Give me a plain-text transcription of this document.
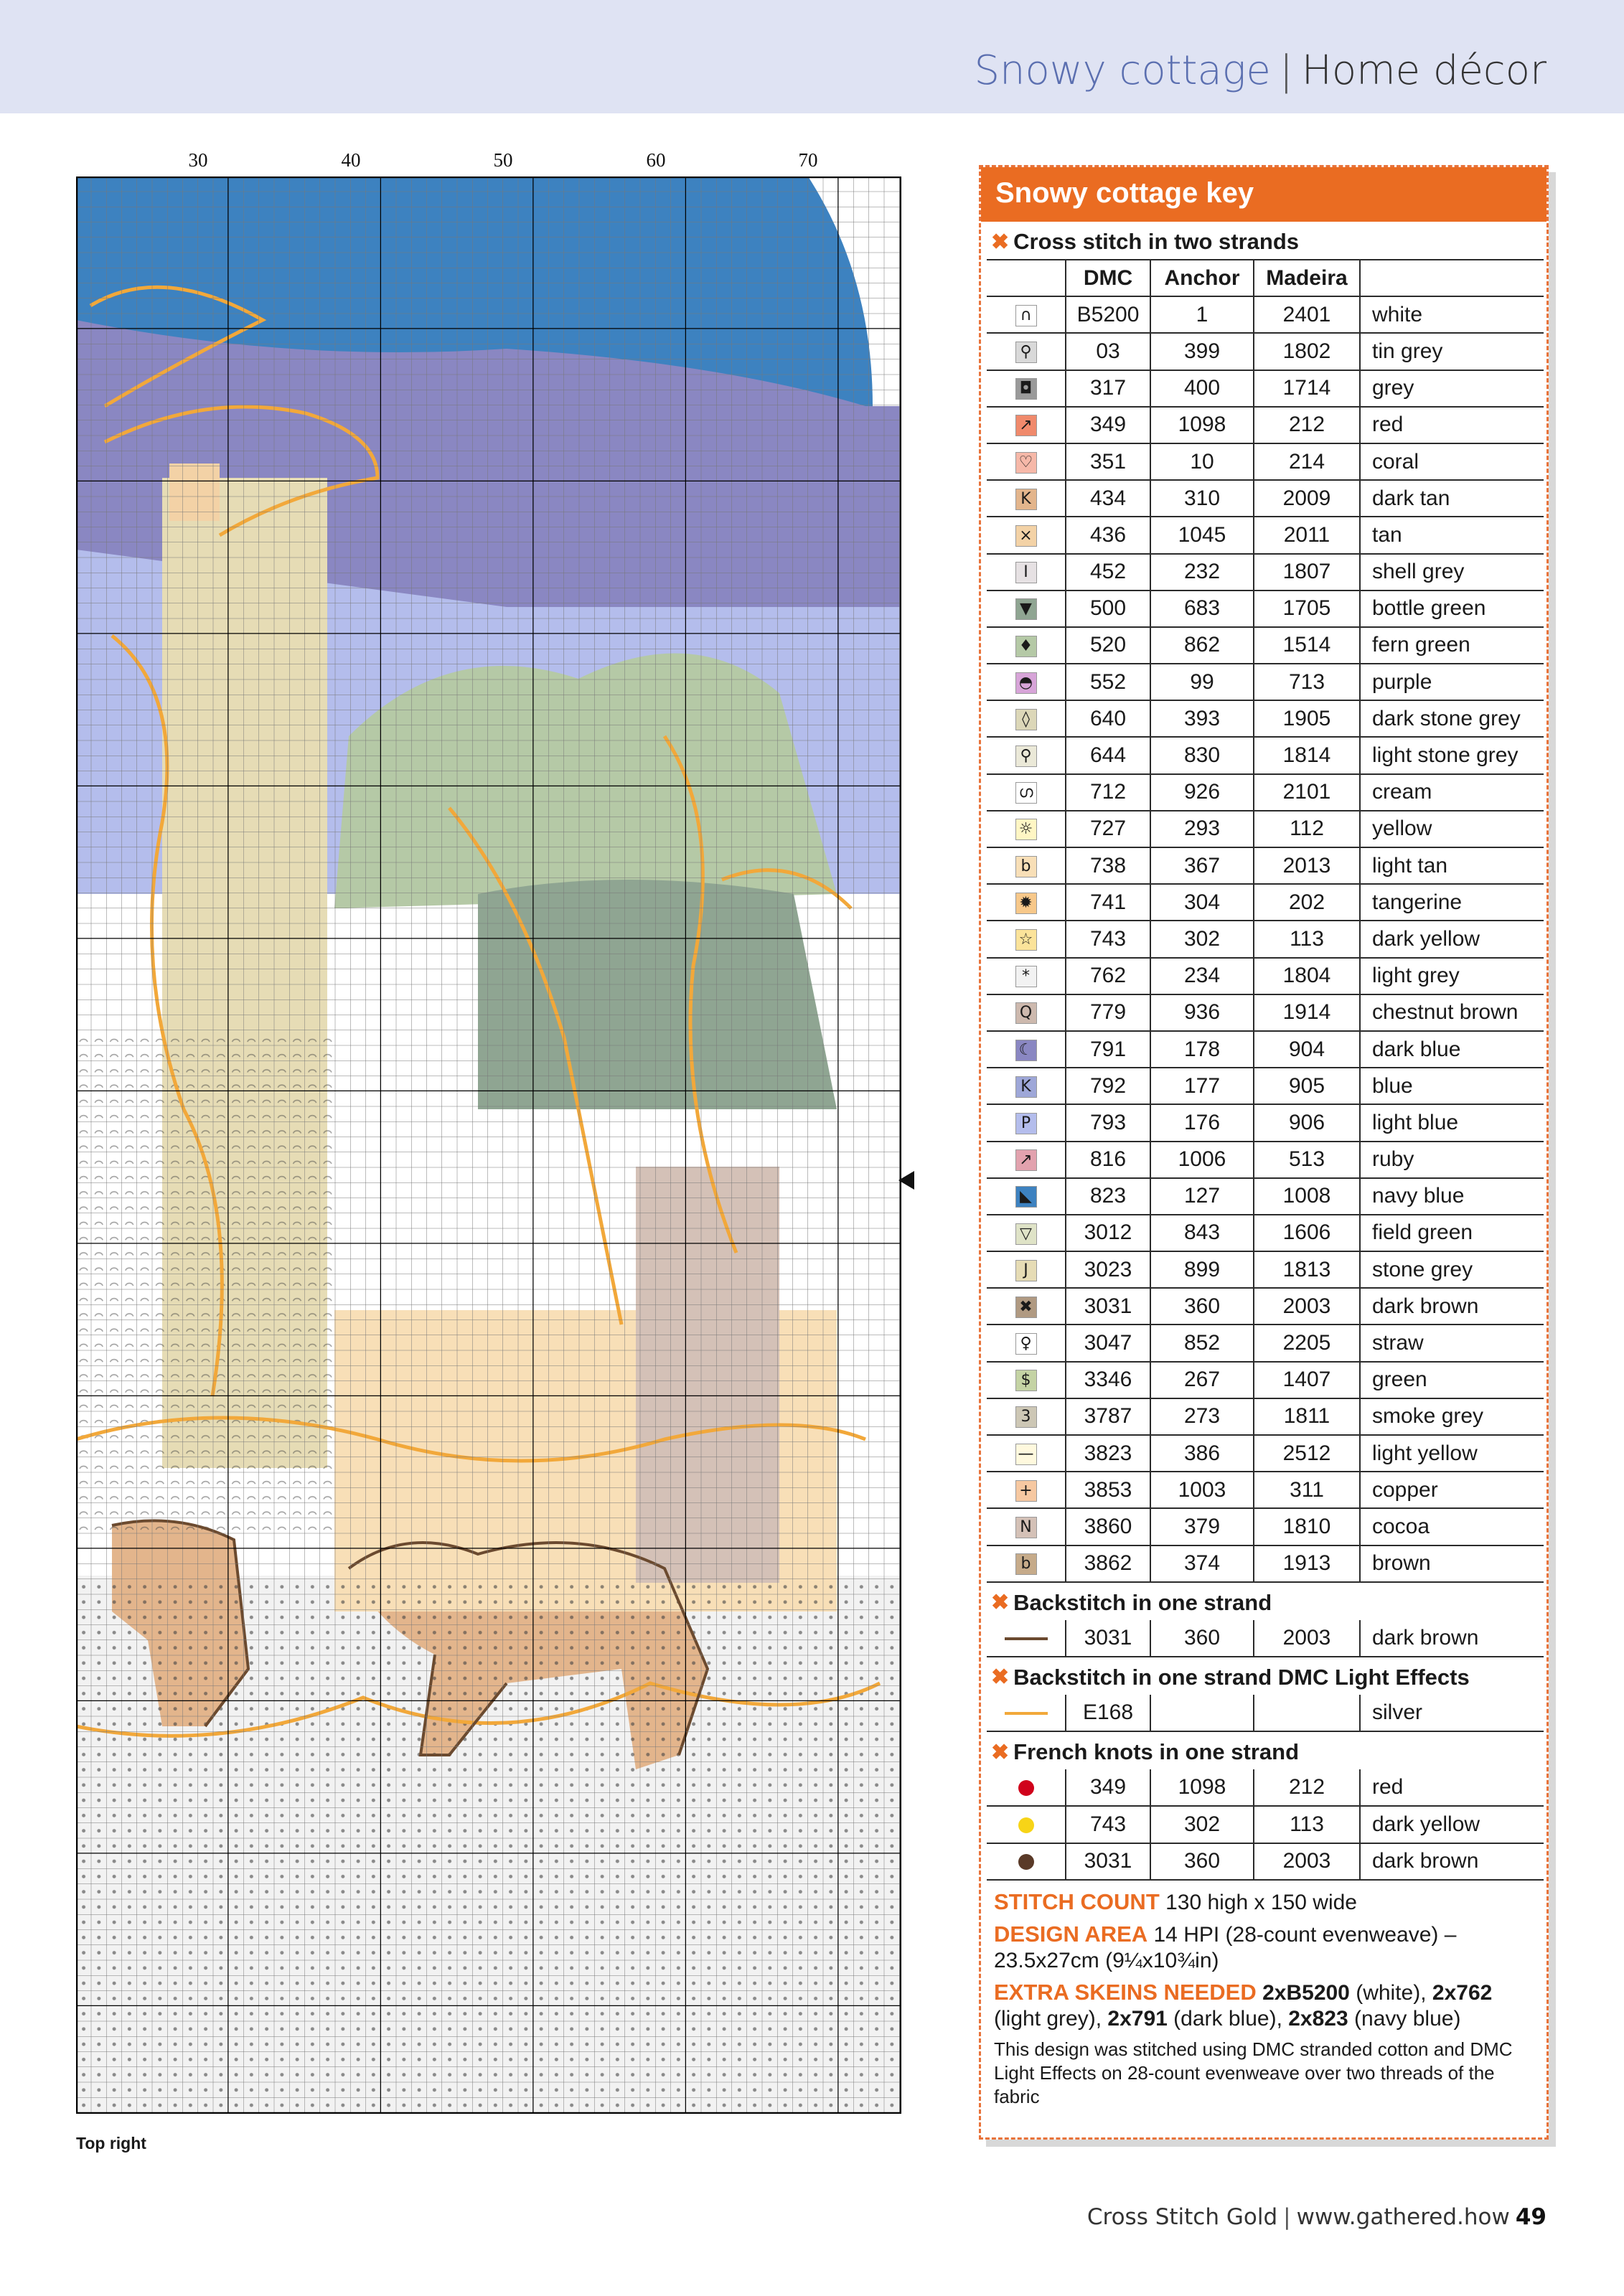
Snowy cottage | Home décor
30	40	50	60	70
Top right
Snowy cottage key
✖ Cross stitch in two strands
	DMC	Anchor	Madeira	
∩	B5200	1	2401	white
⚲	03	399	1802	tin grey
◘	317	400	1714	grey
↗	349	1098	212	red
♡	351	10	214	coral
K	434	310	2009	dark tan
×	436	1045	2011	tan
I	452	232	1807	shell grey
▼	500	683	1705	bottle green
♦	520	862	1514	fern green
◓	552	99	713	purple
◊	640	393	1905	dark stone grey
⚲	644	830	1814	light stone grey
ഗ	712	926	2101	cream
☼	727	293	112	yellow
b	738	367	2013	light tan
✹	741	304	202	tangerine
☆	743	302	113	dark yellow
*	762	234	1804	light grey
Q	779	936	1914	chestnut brown
☾	791	178	904	dark blue
K	792	177	905	blue
P	793	176	906	light blue
↗	816	1006	513	ruby
◣	823	127	1008	navy blue
▽	3012	843	1606	field green
J	3023	899	1813	stone grey
✖	3031	360	2003	dark brown
♀	3047	852	2205	straw
$	3346	267	1407	green
3	3787	273	1811	smoke grey
—	3823	386	2512	light yellow
+	3853	1003	311	copper
N	3860	379	1810	cocoa
b	3862	374	1913	brown
✖ Backstitch in one strand
	3031	360	2003	dark brown
✖ Backstitch in one strand DMC Light Effects
	E168			silver
✖ French knots in one strand
	349	1098	212	red
	743	302	113	dark yellow
	3031	360	2003	dark brown

STITCH COUNT 130 high x 150 wide

DESIGN AREA 14 HPI (28-count evenweave) – 23.5x27cm (9¼x10¾in)

EXTRA SKEINS NEEDED 2xB5200 (white), 2x762 (light grey), 2x791 (dark blue), 2x823 (navy blue)

This design was stitched using DMC stranded cotton and DMC Light Effects on 28-count evenweave over two threads of the fabric

Cross Stitch Gold | www.gathered.how 49
